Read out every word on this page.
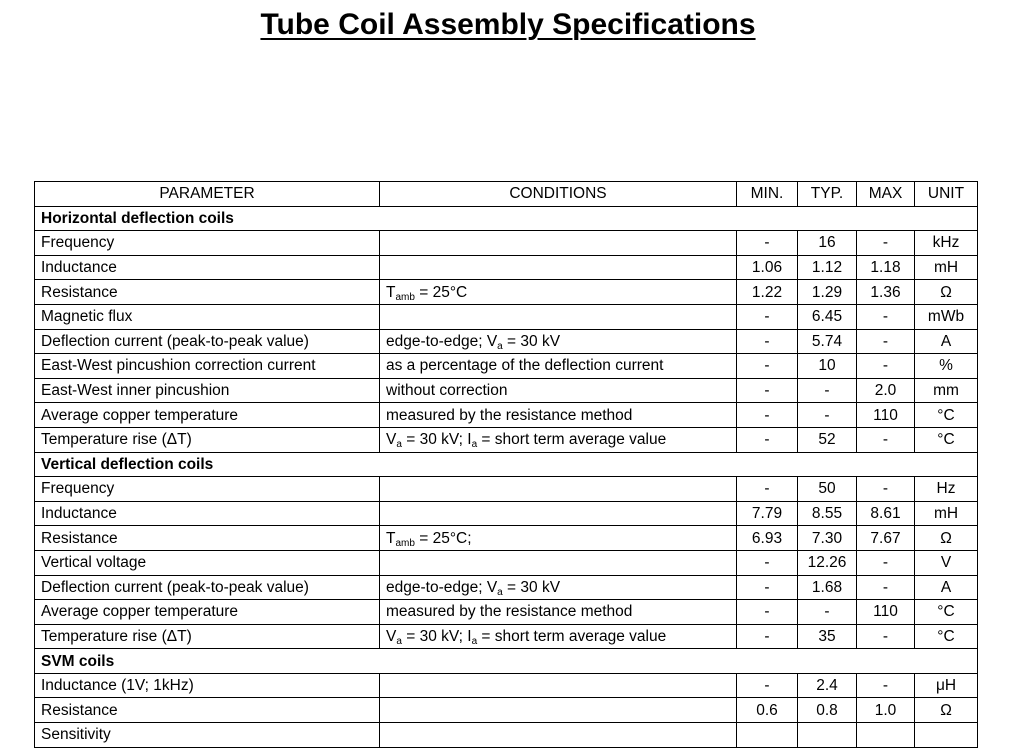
Tube Coil Assembly Specifications
PARAMETER	CONDITIONS	MIN.	TYP.	MAX	UNIT
Horizontal deflection coils					
Frequency		-	16	-	kHz
Inductance		1.06	1.12	1.18	mH
Resistance	$T_{amb} = 25^\circ C$	1.22	1.29	1.36	Ω
Magnetic flux		-	6.45	-	mWb
Deflection current (peak-to-peak value)	edge-to-edge; $V_a = 30$ kV	-	5.74	-	A
East-West pincushion correction current	as a percentage of the deflection current	-	10	-	%
East-West inner pincushion	without correction	-	-	2.0	mm
Average copper temperature	measured by the resistance method	-	-	110	°C
Temperature rise (ΔT)	$V_a = 30$ kV; $I_a$ = short term average value	-	52	-	°C
Vertical deflection coils					
Frequency		-	50	-	Hz
Inductance		7.79	8.55	8.61	mH
Resistance	$T_{amb} = 25^\circ C$;	6.93	7.30	7.67	Ω
Vertical voltage		-	12.26	-	V
Deflection current (peak-to-peak value)	edge-to-edge; $V_a = 30$ kV	-	1.68	-	A
Average copper temperature	measured by the resistance method	-	-	110	°C
Temperature rise (ΔT)	$V_a = 30$ kV; $I_a$ = short term average value	-	35	-	°C
SVM coils					
Inductance (1V; 1kHz)		-	2.4	-	μH
Resistance		0.6	0.8	1.0	Ω
Sensitivity					
